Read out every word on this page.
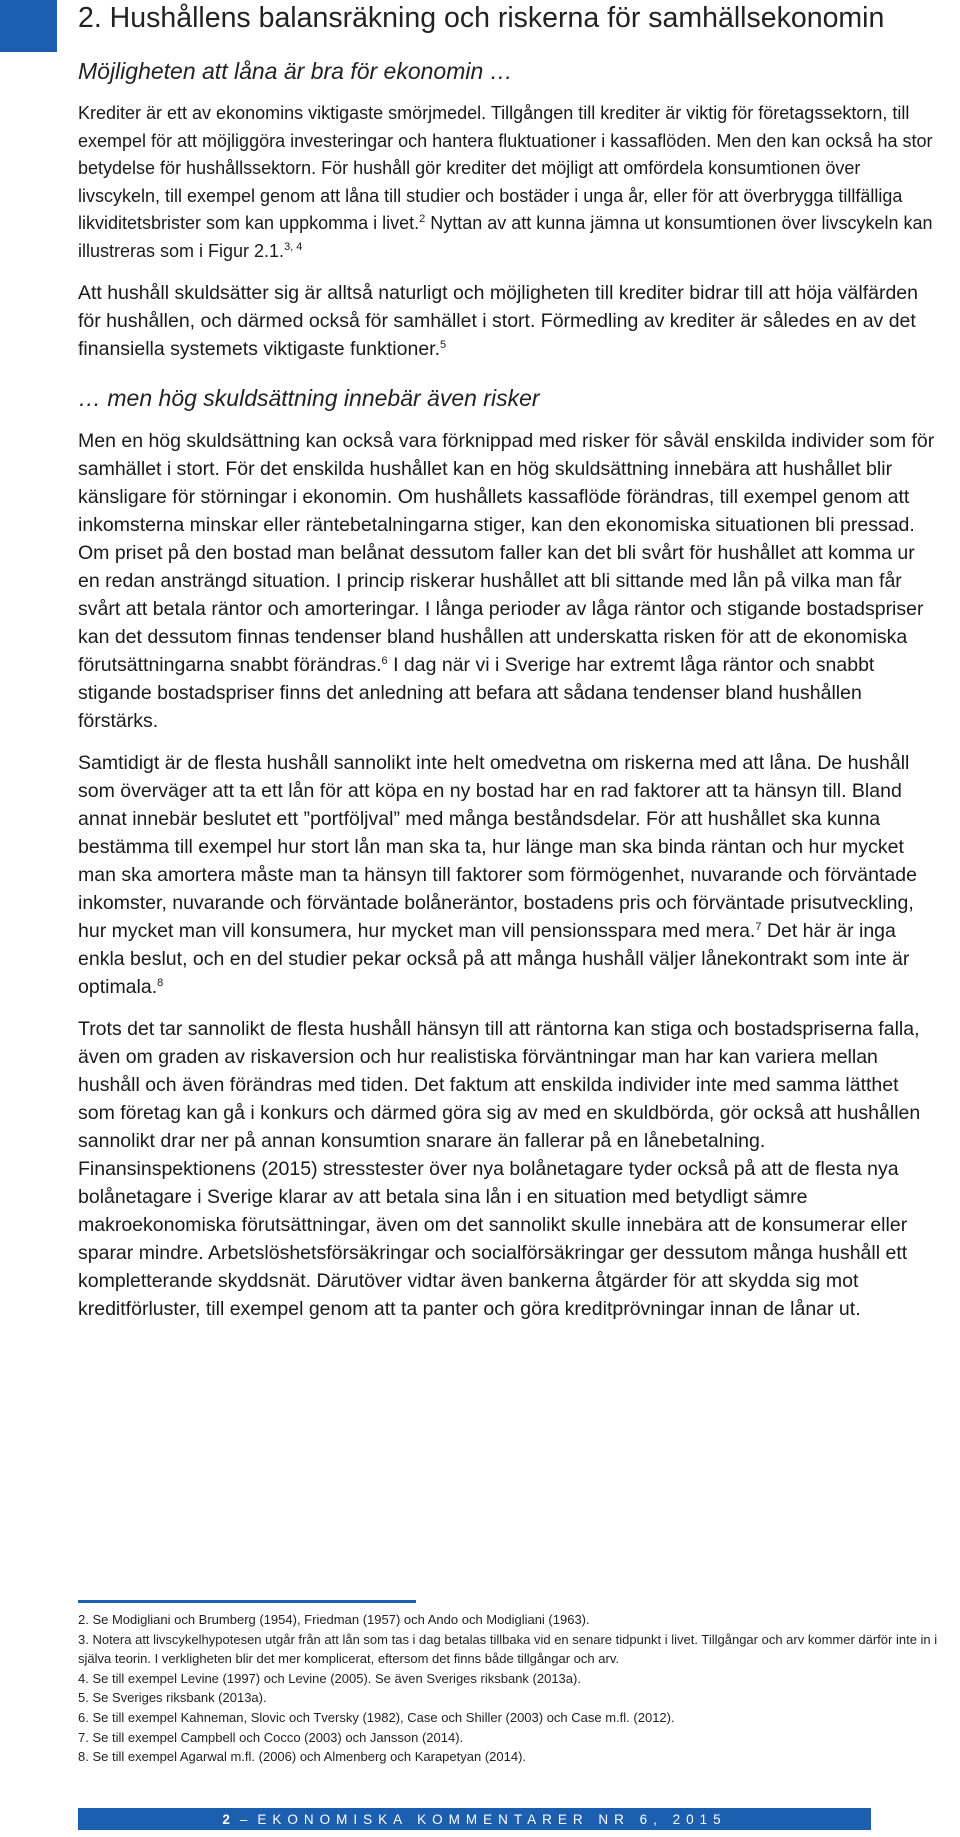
2. Hushållens balansräkning och riskerna för samhällsekonomin
Möjligheten att låna är bra för ekonomin …

Krediter är ett av ekonomins viktigaste smörjmedel. Tillgången till krediter är viktig för företagssektorn, till exempel för att möjliggöra investeringar och hantera fluktuationer i kassaflöden. Men den kan också ha stor betydelse för hushållssektorn. För hushåll gör krediter det möjligt att omfördela konsumtionen över livscykeln, till exempel genom att låna till studier och bostäder i unga år, eller för att överbrygga tillfälliga likviditetsbrister som kan uppkomma i livet.$^2$ Nyttan av att kunna jämna ut konsumtionen över livscykeln kan illustreras som i Figur 2.1.$^{3, 4}$

Att hushåll skuldsätter sig är alltså naturligt och möjligheten till krediter bidrar till att höja välfärden för hushållen, och därmed också för samhället i stort. Förmedling av krediter är således en av det finansiella systemets viktigaste funktioner.$^5$

… men hög skuldsättning innebär även risker

Men en hög skuldsättning kan också vara förknippad med risker för såväl enskilda individer som för samhället i stort. För det enskilda hushållet kan en hög skuldsättning innebära att hushållet blir känsligare för störningar i ekonomin. Om hushållets kassaflöde förändras, till exempel genom att inkomsterna minskar eller räntebetalningarna stiger, kan den ekonomiska situationen bli pressad. Om priset på den bostad man belånat dessutom faller kan det bli svårt för hushållet att komma ur en redan ansträngd situation. I princip riskerar hushållet att bli sittande med lån på vilka man får svårt att betala räntor och amorteringar. I långa perioder av låga räntor och stigande bostadspriser kan det dessutom finnas tendenser bland hushållen att underskatta risken för att de ekonomiska förutsättningarna snabbt förändras.$^6$ I dag när vi i Sverige har extremt låga räntor och snabbt stigande bostadspriser finns det anledning att befara att sådana tendenser bland hushållen förstärks.

Samtidigt är de flesta hushåll sannolikt inte helt omedvetna om riskerna med att låna. De hushåll som överväger att ta ett lån för att köpa en ny bostad har en rad faktorer att ta hänsyn till. Bland annat innebär beslutet ett ”portföljval” med många beståndsdelar. För att hushållet ska kunna bestämma till exempel hur stort lån man ska ta, hur länge man ska binda räntan och hur mycket man ska amortera måste man ta hänsyn till faktorer som förmögenhet, nuvarande och förväntade inkomster, nuvarande och förväntade bolåneräntor, bostadens pris och förväntade prisutveckling, hur mycket man vill konsumera, hur mycket man vill pensionsspara med mera.$^7$ Det här är inga enkla beslut, och en del studier pekar också på att många hushåll väljer lånekontrakt som inte är optimala.$^8$

Trots det tar sannolikt de flesta hushåll hänsyn till att räntorna kan stiga och bostadspriserna falla, även om graden av riskaversion och hur realistiska förväntningar man har kan variera mellan hushåll och även förändras med tiden. Det faktum att enskilda individer inte med samma lätthet som företag kan gå i konkurs och därmed göra sig av med en skuldbörda, gör också att hushållen sannolikt drar ner på annan konsumtion snarare än fallerar på en lånebetalning. Finansinspektionens (2015) stresstester över nya bolånetagare tyder också på att de flesta nya bolånetagare i Sverige klarar av att betala sina lån i en situation med betydligt sämre makroekonomiska förutsättningar, även om det sannolikt skulle innebära att de konsumerar eller sparar mindre. Arbetslöshetsförsäkringar och socialförsäkringar ger dessutom många hushåll ett kompletterande skyddsnät. Därutöver vidtar även bankerna åtgärder för att skydda sig mot kreditförluster, till exempel genom att ta panter och göra kreditprövningar innan de lånar ut.

2. Se Modigliani och Brumberg (1954), Friedman (1957) och Ando och Modigliani (1963).
3. Notera att livscykelhypotesen utgår från att lån som tas i dag betalas tillbaka vid en senare tidpunkt i livet. Tillgångar och arv kommer därför inte in i själva teorin. I verkligheten blir det mer komplicerat, eftersom det finns både tillgångar och arv.
4. Se till exempel Levine (1997) och Levine (2005). Se även Sveriges riksbank (2013a).
5. Se Sveriges riksbank (2013a).
6. Se till exempel Kahneman, Slovic och Tversky (1982), Case och Shiller (2003) och Case m.fl. (2012).
7. Se till exempel Campbell och Cocco (2003) och Jansson (2014).
8. Se till exempel Agarwal m.fl. (2006) och Almenberg och Karapetyan (2014).
2 – EKONOMISKA KOMMENTARER NR 6, 2015
